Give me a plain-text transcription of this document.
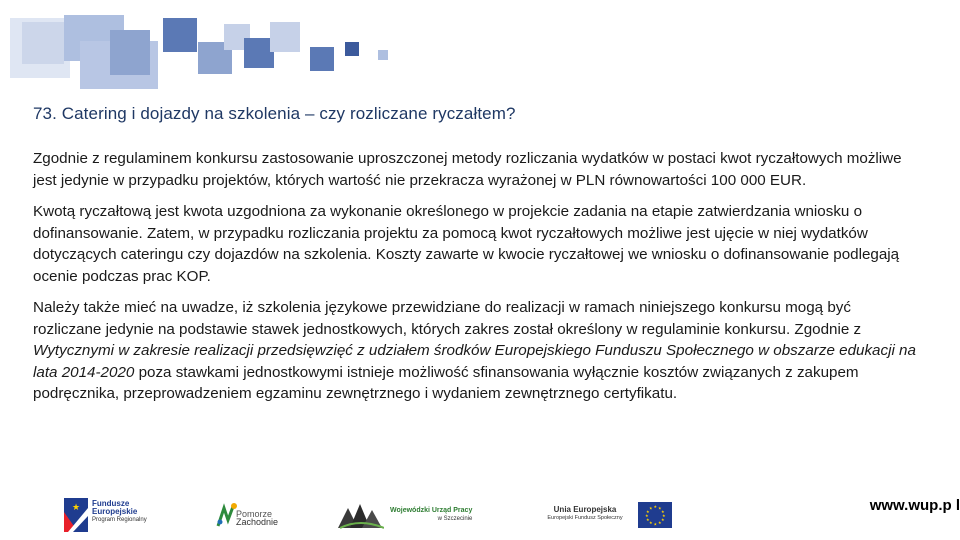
73. Catering i dojazdy na szkolenia – czy rozliczane ryczałtem?

Zgodnie z regulaminem konkursu zastosowanie uproszczonej metody rozliczania wydatków w postaci kwot ryczałtowych możliwe jest jedynie w przypadku projektów, których wartość nie przekracza wyrażonej w PLN równowartości 100 000 EUR.

Kwotą ryczałtową jest kwota uzgodniona za wykonanie określonego w projekcie zadania na etapie zatwierdzania wniosku o dofinansowanie. Zatem, w przypadku rozliczania projektu za pomocą kwot ryczałtowych możliwe jest ujęcie w niej wydatków dotyczących cateringu czy dojazdów na szkolenia. Koszty zawarte w kwocie ryczałtowej we wniosku o dofinansowanie podlegają ocenie podczas prac KOP.

Należy także mieć na uwadze, iż szkolenia językowe przewidziane do realizacji w ramach niniejszego konkursu mogą być rozliczane jedynie na podstawie stawek jednostkowych, których zakres został określony w regulaminie konkursu. Zgodnie z Wytycznymi w zakresie realizacji przedsięwzięć z udziałem środków Europejskiego Funduszu Społecznego w obszarze edukacji na lata 2014-2020 poza stawkami jednostkowymi istnieje możliwość sfinansowania wyłącznie kosztów związanych z zakupem podręcznika, przeprowadzeniem egzaminu zewnętrznego i wydaniem zewnętrznego certyfikatu.

★ Fundusze
Europejskie
Program Regionalny
Pomorze
Zachodnie
Wojewódzki Urząd Pracy
w Szczecinie
Unia Europejska
Europejski Fundusz Społeczny
★ ★
★
★
★
★
★
★
★
★
★
★	www.wup.p l
